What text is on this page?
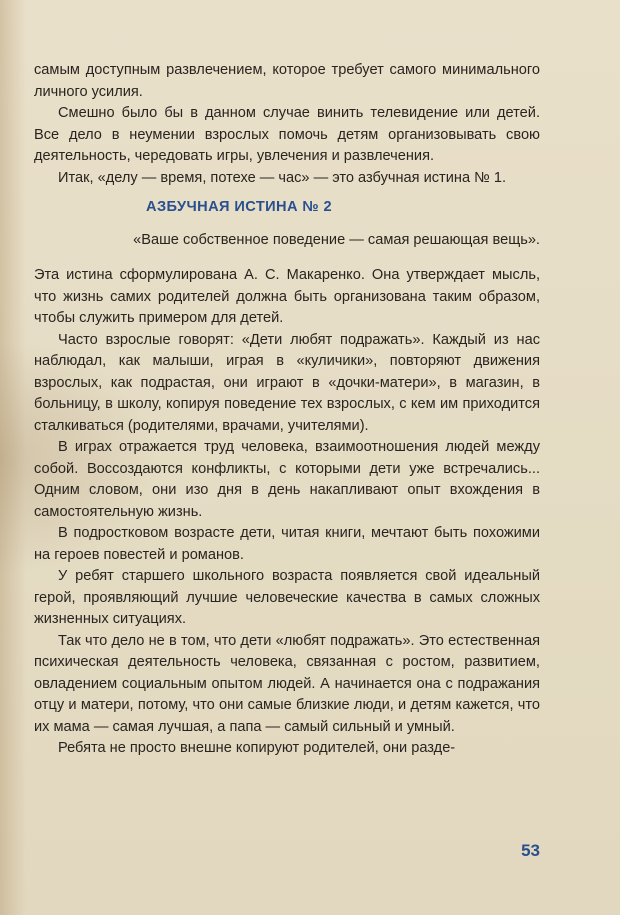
самым доступным развлечением, которое требует самого минимального личного усилия.

Смешно было бы в данном случае винить телевидение или детей. Все дело в неумении взрослых помочь детям организовывать свою деятельность, чередовать игры, увлечения и развлечения.

Итак, «делу — время, потехе — час» — это азбучная истина № 1.

АЗБУЧНАЯ ИСТИНА № 2

«Ваше собственное поведение — самая решающая вещь».

Эта истина сформулирована А. С. Макаренко. Она утверждает мысль, что жизнь самих родителей должна быть организована таким образом, чтобы служить примером для детей.

Часто взрослые говорят: «Дети любят подражать». Каждый из нас наблюдал, как малыши, играя в «куличики», повторяют движения взрослых, как подрастая, они играют в «дочки-матери», в магазин, в больницу, в школу, копируя поведение тех взрослых, с кем им приходится сталкиваться (родителями, врачами, учителями).

В играх отражается труд человека, взаимоотношения людей между собой. Воссоздаются конфликты, с которыми дети уже встречались... Одним словом, они изо дня в день накапливают опыт вхождения в самостоятельную жизнь.

В подростковом возрасте дети, читая книги, мечтают быть похожими на героев повестей и романов.

У ребят старшего школьного возраста появляется свой идеальный герой, проявляющий лучшие человеческие качества в самых сложных жизненных ситуациях.

Так что дело не в том, что дети «любят подражать». Это естественная психическая деятельность человека, связанная с ростом, развитием, овладением социальным опытом людей. А начинается она с подражания отцу и матери, потому, что они самые близкие люди, и детям кажется, что их мама — самая лучшая, а папа — самый сильный и умный.

Ребята не просто внешне копируют родителей, они разде-

53
